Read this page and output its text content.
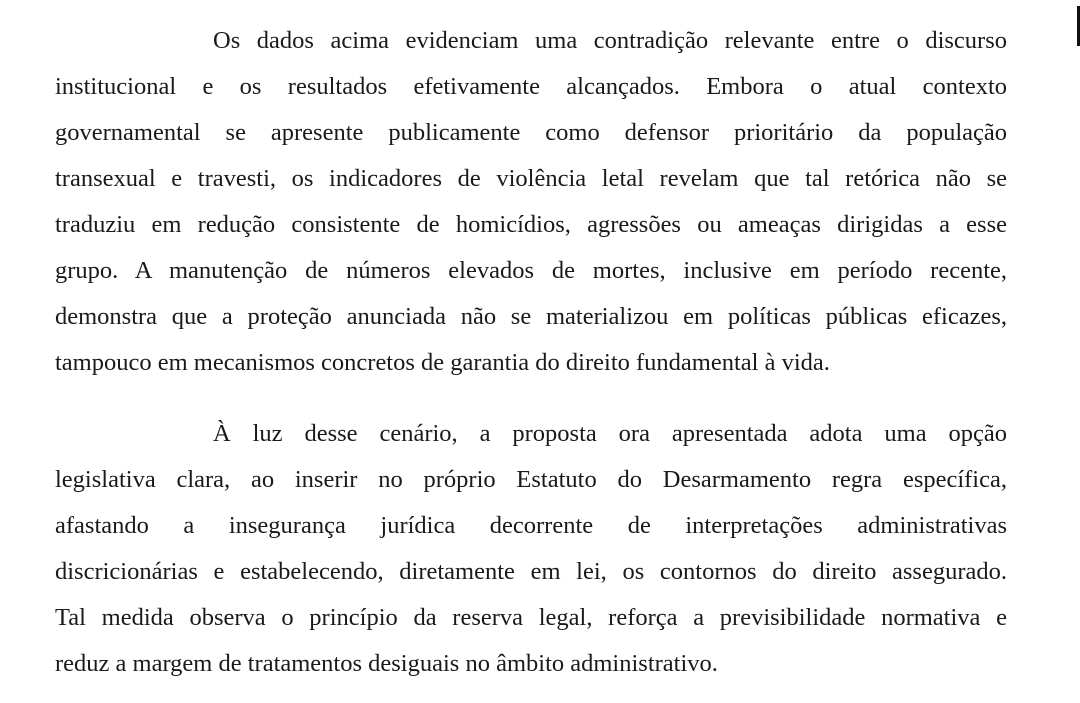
Os dados acima evidenciam uma contradição relevante entre o discurso
institucional e os resultados efetivamente alcançados. Embora o atual contexto
governamental se apresente publicamente como defensor prioritário da população
transexual e travesti, os indicadores de violência letal revelam que tal retórica não se
traduziu em redução consistente de homicídios, agressões ou ameaças dirigidas a esse
grupo. A manutenção de números elevados de mortes, inclusive em período recente,
demonstra que a proteção anunciada não se materializou em políticas públicas eficazes,
tampouco em mecanismos concretos de garantia do direito fundamental à vida.
À luz desse cenário, a proposta ora apresentada adota uma opção
legislativa clara, ao inserir no próprio Estatuto do Desarmamento regra específica,
afastando a insegurança jurídica decorrente de interpretações administrativas
discricionárias e estabelecendo, diretamente em lei, os contornos do direito assegurado.
Tal medida observa o princípio da reserva legal, reforça a previsibilidade normativa e
reduz a margem de tratamentos desiguais no âmbito administrativo.
